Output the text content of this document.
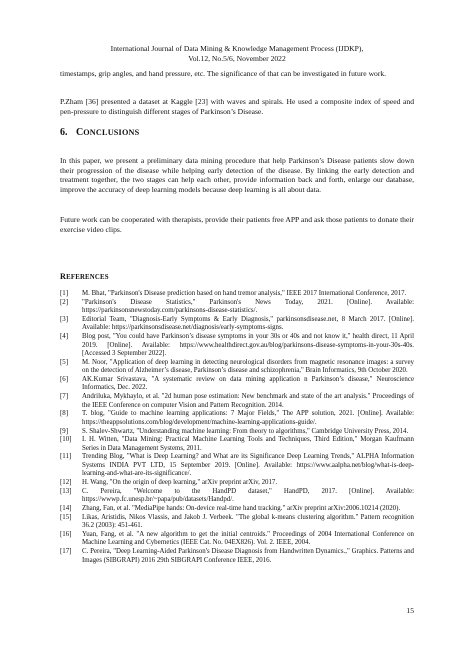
International Journal of Data Mining & Knowledge Management Process (IJDKP),
Vol.12, No.5/6, November 2022

timestamps, grip angles, and hand pressure, etc. The significance of that can be investigated in future work.

P.Zham [36] presented a dataset at Kaggle [23] with waves and spirals. He used a composite index of speed and pen-pressure to distinguish different stages of Parkinson’s Disease.

6. CONCLUSIONS

In this paper, we present a preliminary data mining procedure that help Parkinson’s Disease patients slow down their progression of the disease while helping early detection of the disease. By linking the early detection and treatment together, the two stages can help each other, provide information back and forth, enlarge our database, improve the accuracy of deep learning models because deep learning is all about data.

Future work can be cooperated with therapists, provide their patients free APP and ask those patients to donate their exercise video clips.

REFERENCES
[1]	M. Bhat, "Parkinson's Disease prediction based on hand tremor analysis," IEEE 2017 International Conference, 2017.
[2]	"Parkinson's Disease Statistics," Parkinson's News Today, 2021. [Online]. Available: https://parkinsonsnewstoday.com/parkinsons-disease-statistics/.
[3]	Editorial Team, "Diagnosis-Early Symptoms & Early Diagnosis," parkinsonsdisease.net, 8 March 2017. [Online]. Available: https://parkinsonsdisease.net/diagnosis/early-symptoms-signs.
[4]	Blog post, "You could have Parkinson’s disease symptoms in your 30s or 40s and not know it," health direct, 11 April 2019. [Online]. Available: https://www.healthdirect.gov.au/blog/parkinsons-disease-symptoms-in-your-30s-40s. [Accessed 3 September 2022].
[5]	M. Noor, "Application of deep learning in detecting neurological disorders from magnetic resonance images: a survey on the detection of Alzheimer’s disease, Parkinson’s disease and schizophrenia," Brain Informatics, 9th October 2020.
[6]	AK.Kumar Srivastava, "A systematic review on data mining application n Parkinson’s disease," Neuroscience Informatics, Dec. 2022.
[7]	Andriluka, Mykhaylo, et al. "2d human pose estimation: New benchmark and state of the art analysis." Proceedings of the IEEE Conference on computer Vision and Pattern Recognition. 2014.
[8]	T. blog, "Guide to machine learning applications: 7 Major Fields," The APP solution, 2021. [Online]. Available: https://theappsolutions.com/blog/development/machine-learning-applications-guide/.
[9]	S. Shalev-Shwartz, "Understanding machine learning: From theory to algorithms," Cambridge University Press, 2014.
[10]	I. H. Witten, "Data Mining: Practical Machine Learning Tools and Techniques, Third Edition," Morgan Kaufmann Series in Data Management Systems, 2011.
[11]	Trending Blog, "What is Deep Learning? and What are its Significance Deep Learning Trends," ALPHA Information Systems INDIA PVT LTD, 15 September 2019. [Online]. Available: https://www.aalpha.net/blog/what-is-deep-learning-and-what-are-its-significance/.
[12]	H. Wang, "On the origin of deep learning," arXiv preprint arXiv, 2017.
[13]	C. Pereira, "Welcome to the HandPD dataset," HandPD, 2017. [Online]. Available: https://wwwp.fc.unesp.br/~papa/pub/datasets/Handpd/.
[14]	Zhang, Fan, et al. "MediaPipe hands: On-device real-time hand tracking." arXiv preprint arXiv:2006.10214 (2020).
[15]	Likas, Aristidis, Nikos Vlassis, and Jakob J. Verbeek. "The global k-means clustering algorithm." Pattern recognition 36.2 (2003): 451-461.
[16]	Yuan, Fang, et al. "A new algorithm to get the initial centroids." Proceedings of 2004 International Conference on Machine Learning and Cybernetics (IEEE Cat. No. 04EX826). Vol. 2. IEEE, 2004.
[17]	C. Pereira, "Deep Learning-Aided Parkinson's Disease Diagnosis from Handwritten Dynamics.," Graphics. Patterns and Images (SIBGRAPI) 2016 29th SIBGRAPI Conference IEEE, 2016.
15
